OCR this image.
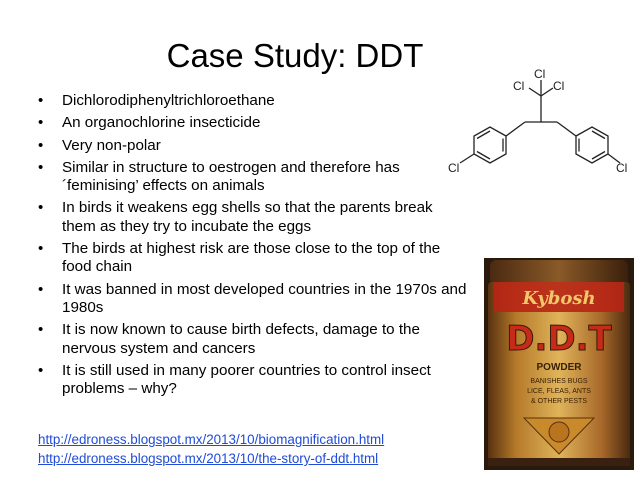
Case Study: DDT
• Dichlorodiphenyltrichloroethane
• An organochlorine insecticide
• Very non-polar
• Similar in structure to oestrogen and therefore has ´feminising’ effects on animals
• In birds it weakens egg shells so that the parents break them as they try to incubate the eggs
• The birds at highest risk are those close to the top of the food chain
• It was banned in most developed countries in the 1970s and 1980s
• It is now known to cause birth defects, damage to the nervous system and cancers
• It is still used in many poorer countries to control insect problems – why?
http://edroness.blogspot.mx/2013/10/biomagnification.html
http://edroness.blogspot.mx/2013/10/the-story-of-ddt.html
Cl
Cl Cl
Cl	Cl
Kybosh
D.D.T
POWDER
BANISHES BUGS
LICE, FLEAS, ANTS
& OTHER PESTS
